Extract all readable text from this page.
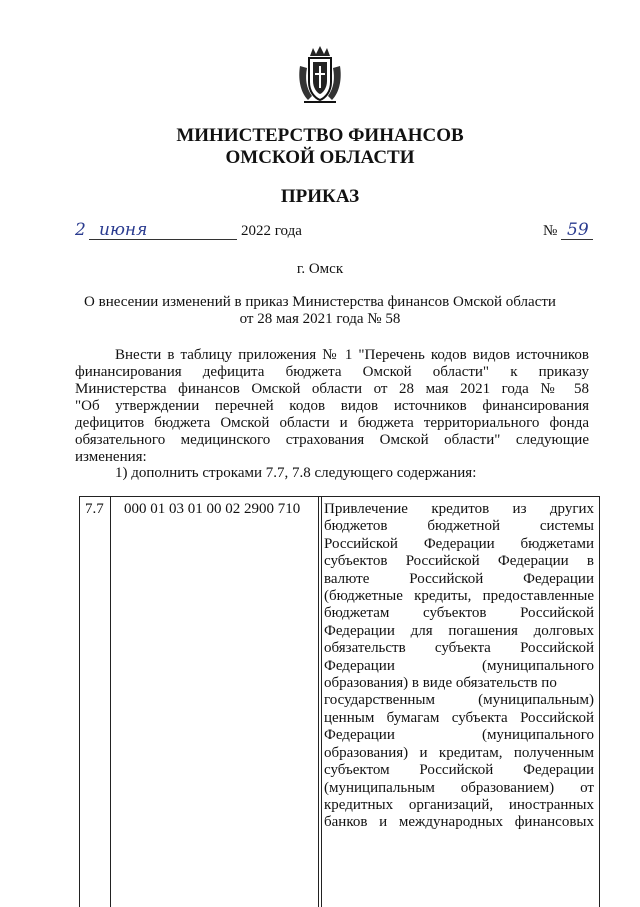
МИНИСТЕРСТВО ФИНАНСОВ
ОМСКОЙ ОБЛАСТИ
ПРИКАЗ
2 июня	2022 года	№ 59
г. Омск
О внесении изменений в приказ Министерства финансов Омской области
от 28 мая 2021 года № 58
Внести в таблицу приложения № 1 "Перечень кодов видов источников
финансирования дефицита бюджета Омской области" к приказу
Министерства финансов Омской области от 28 мая 2021 года № 58
"Об утверждении перечней кодов видов источников финансирования
дефицитов бюджета Омской области и бюджета территориального фонда
обязательного медицинского страхования Омской области" следующие
изменения:
1) дополнить строками 7.7, 7.8 следующего содержания:
7.7 000 01 03 01 00 02 2900 710 Привлечение кредитов из других
бюджетов бюджетной системы
Российской Федерации бюджетами
субъектов Российской Федерации в
валюте Российской Федерации
(бюджетные кредиты, предоставленные
бюджетам субъектов Российской
Федерации для погашения долговых
обязательств субъекта Российской
Федерации (муниципального
образования) в виде обязательств по
государственным (муниципальным)
ценным бумагам субъекта Российской
Федерации (муниципального
образования) и кредитам, полученным
субъектом Российской Федерации
(муниципальным образованием) от
кредитных организаций, иностранных
банков и международных финансовых
